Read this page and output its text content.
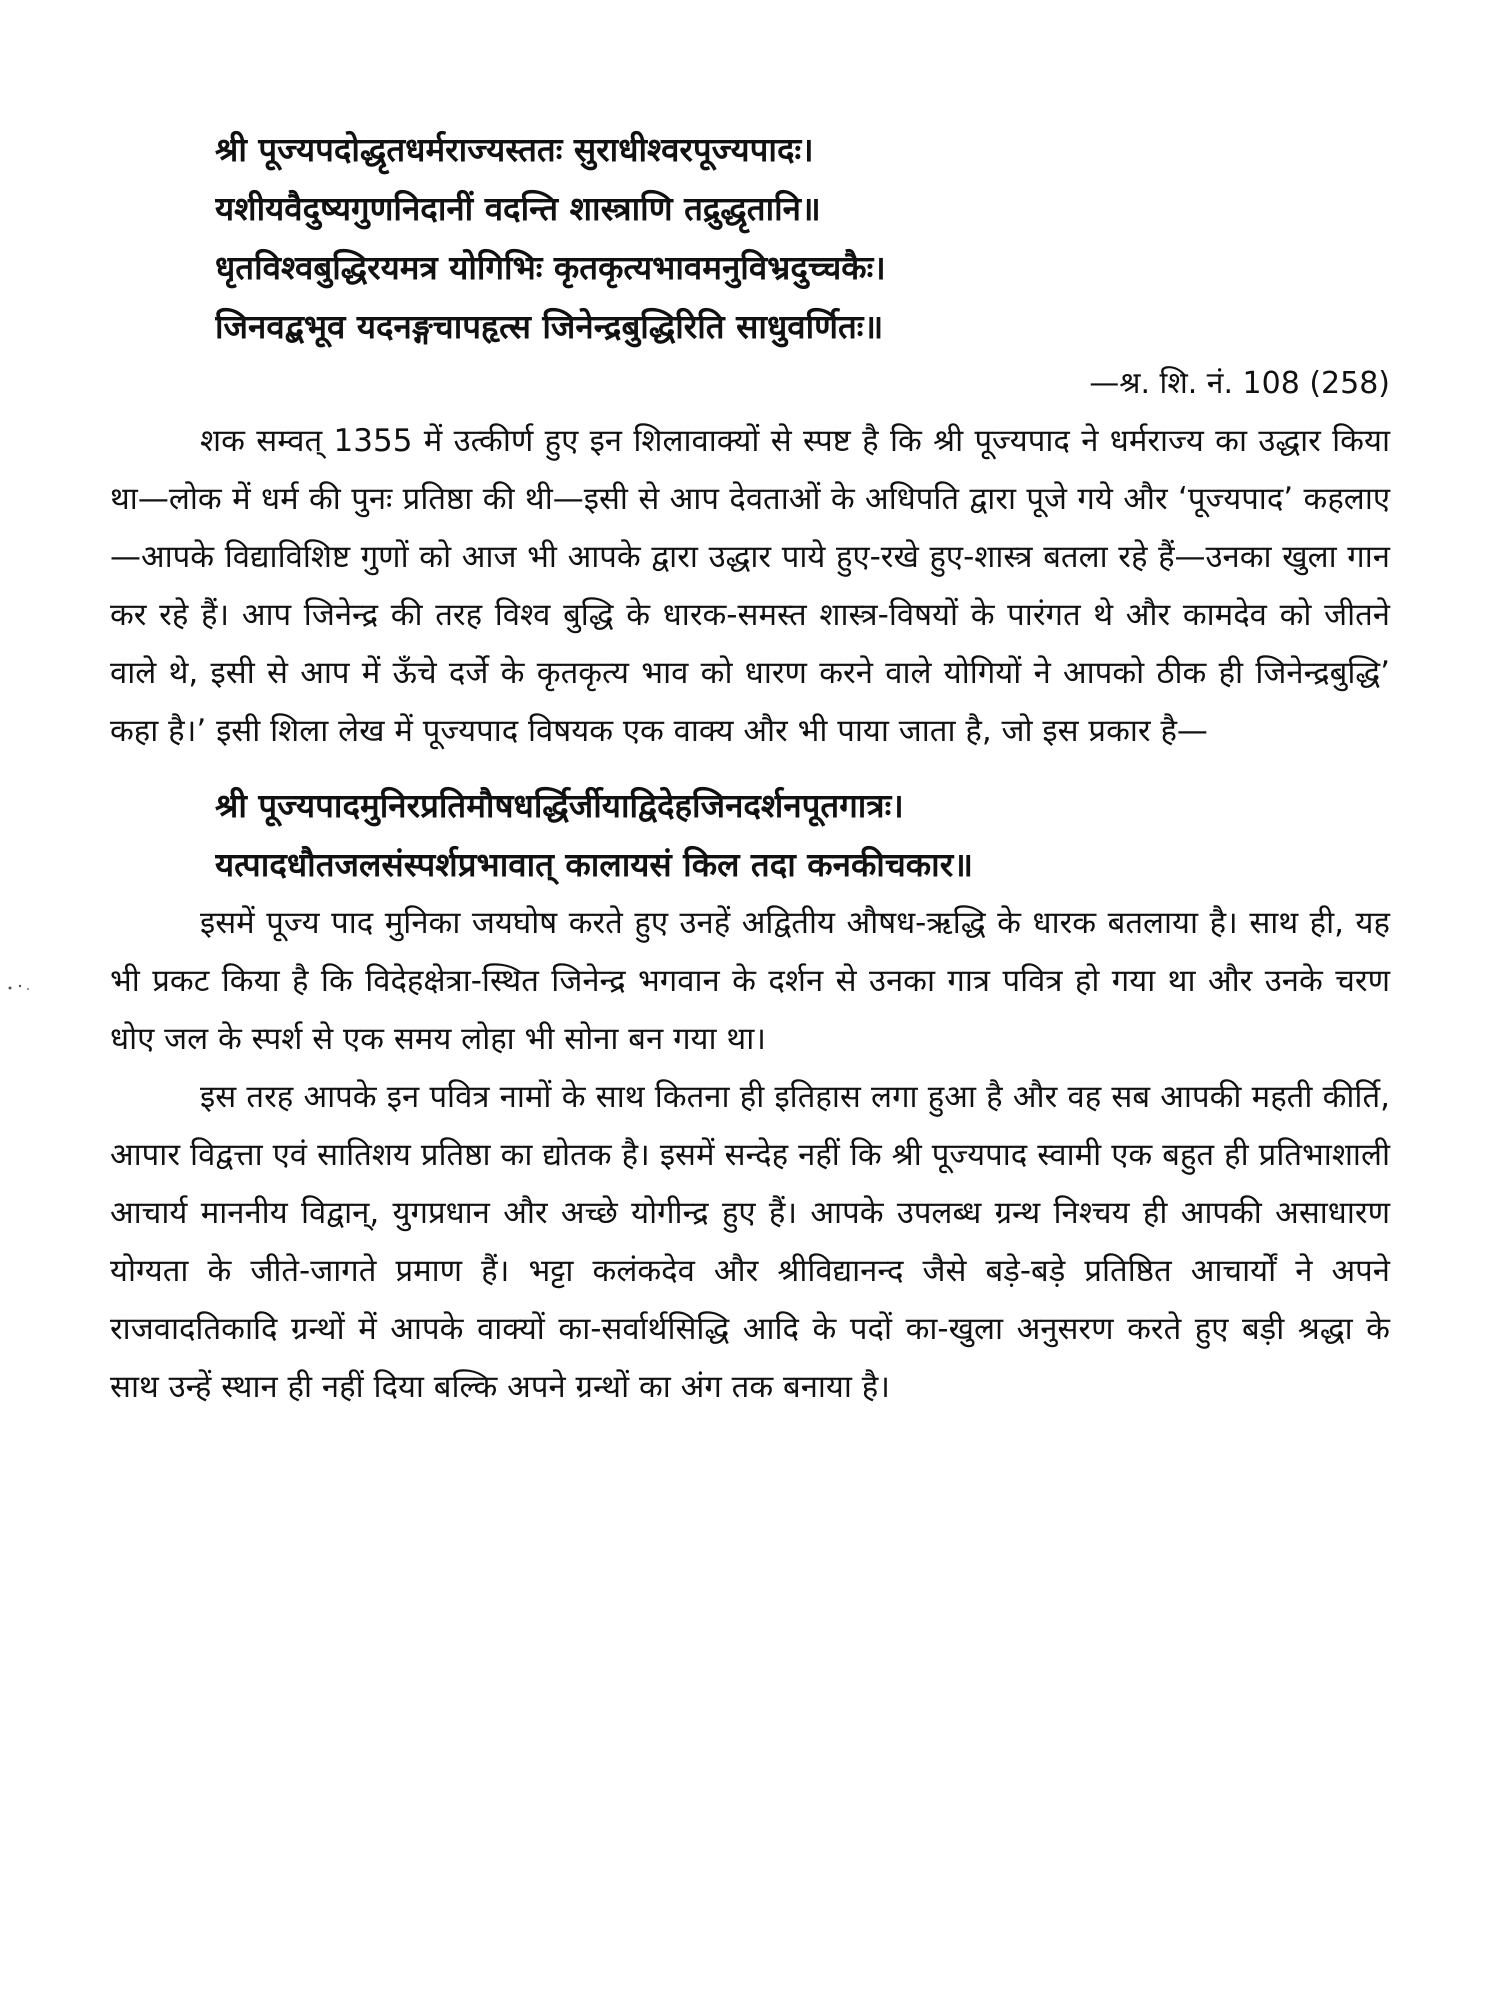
श्री पूज्यपदोद्धृतधर्मराज्यस्ततः सुराधीश्वरपूज्यपादः।
यशीयवैदुष्यगुणनिदानीं वदन्ति शास्त्राणि तद्रुद्धृतानि॥
धृतविश्वबुद्धिरयमत्र योगिभिः कृतकृत्यभावमनुविभ्रदुच्चकैः।
जिनवद्बभूव यदनङ्गचापहृत्स जिनेन्द्रबुद्धिरिति साधुवर्णितः॥
—श्र. शि. नं. 108 (258)

शक सम्वत् 1355 में उत्कीर्ण हुए इन शिलावाक्यों से स्पष्ट है कि श्री पूज्यपाद ने धर्मराज्य का उद्धार किया था—लोक में धर्म की पुनः प्रतिष्ठा की थी—इसी से आप देवताओं के अधिपति द्वारा पूजे गये और ‘पूज्यपाद’ कहलाए—आपके विद्याविशिष्ट गुणों को आज भी आपके द्वारा उद्धार पाये हुए-रखे हुए-शास्त्र बतला रहे हैं—उनका खुला गान कर रहे हैं। आप जिनेन्द्र की तरह विश्व बुद्धि के धारक-समस्त शास्त्र-विषयों के पारंगत थे और कामदेव को जीतने वाले थे, इसी से आप में ऊँचे दर्जे के कृतकृत्य भाव को धारण करने वाले योगियों ने आपको ठीक ही जिनेन्द्रबुद्धि’ कहा है।’ इसी शिला लेख में पूज्यपाद विषयक एक वाक्य और भी पाया जाता है, जो इस प्रकार है—

श्री पूज्यपादमुनिरप्रतिमौषधर्द्धिर्जीयाद्विदेहजिनदर्शनपूतगात्रः।
यत्पादधौतजलसंस्पर्शप्रभावात् कालायसं किल तदा कनकीचकार॥

इसमें पूज्य पाद मुनिका जयघोष करते हुए उनहें अद्वितीय औषध-ऋद्धि के धारक बतलाया है। साथ ही, यह भी प्रकट किया है कि विदेहक्षेत्रा-स्थित जिनेन्द्र भगवान के दर्शन से उनका गात्र पवित्र हो गया था और उनके चरण धोए जल के स्पर्श से एक समय लोहा भी सोना बन गया था।

इस तरह आपके इन पवित्र नामों के साथ कितना ही इतिहास लगा हुआ है और वह सब आपकी महती कीर्ति, आपार विद्वत्ता एवं सातिशय प्रतिष्ठा का द्योतक है। इसमें सन्देह नहीं कि श्री पूज्यपाद स्वामी एक बहुत ही प्रतिभाशाली आचार्य माननीय विद्वान्, युगप्रधान और अच्छे योगीन्द्र हुए हैं। आपके उपलब्ध ग्रन्थ निश्चय ही आपकी असाधारण योग्यता के जीते-जागते प्रमाण हैं। भट्टा कलंकदेव और श्रीविद्यानन्द जैसे बड़े-बड़े प्रतिष्ठित आचार्यों ने अपने राजवादतिकादि ग्रन्थों में आपके वाक्यों का-सर्वार्थसिद्धि आदि के पदों का-खुला अनुसरण करते हुए बड़ी श्रद्धा के साथ उन्हें स्थान ही नहीं दिया बल्कि अपने ग्रन्थों का अंग तक बनाया है।
